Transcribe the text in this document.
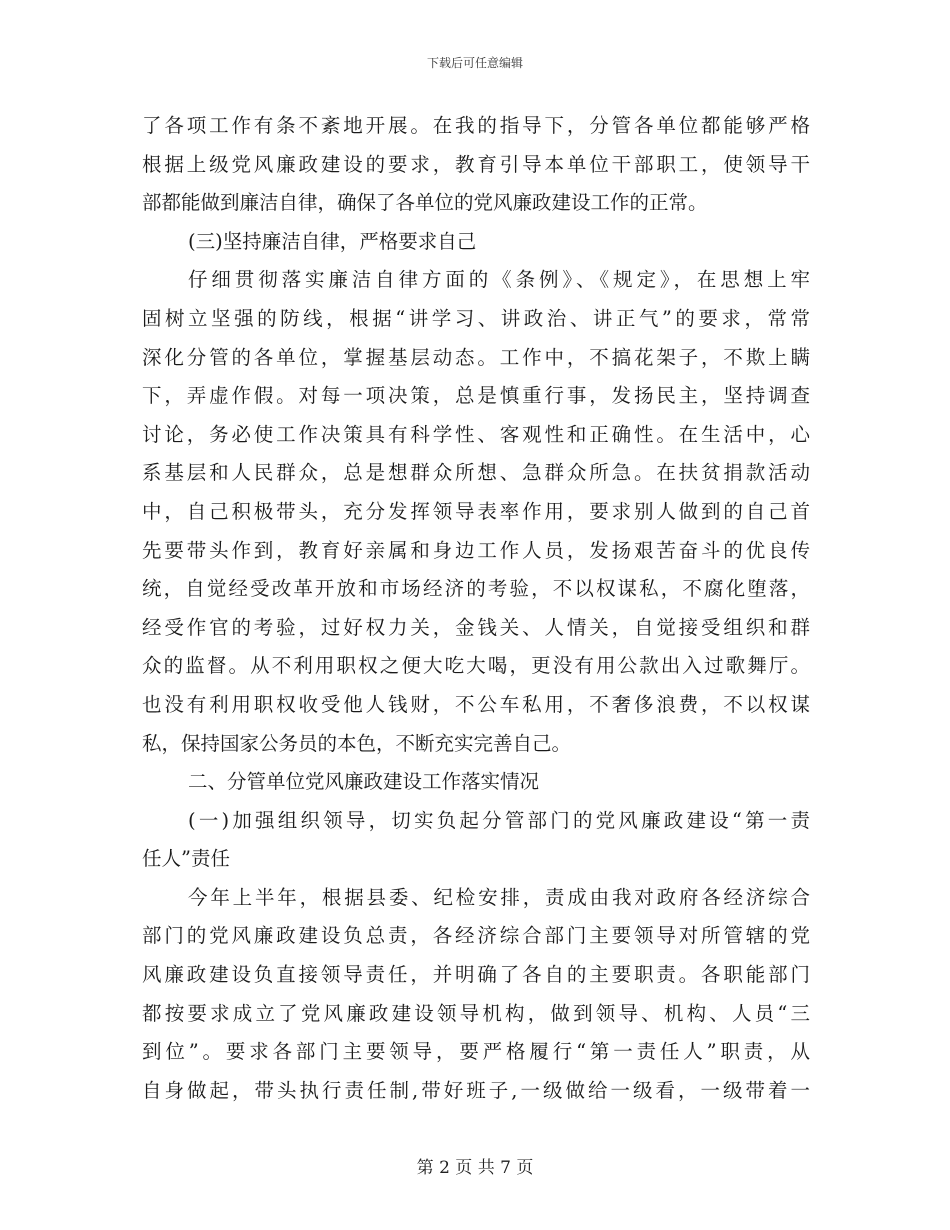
下载后可任意编辑
了各项工作有条不紊地开展。在我的指导下，分管各单位都能够严格
根据上级党风廉政建设的要求，教育引导本单位干部职工，使领导干
部都能做到廉洁自律，确保了各单位的党风廉政建设工作的正常。
(三)坚持廉洁自律，严格要求自己
仔细贯彻落实廉洁自律方面的《条例》、《规定》，在思想上牢
固树立坚强的防线，根据“讲学习、讲政治、讲正气”的要求，常常
深化分管的各单位，掌握基层动态。工作中，不搞花架子，不欺上瞒
下，弄虚作假。对每一项决策，总是慎重行事，发扬民主，坚持调查
讨论，务必使工作决策具有科学性、客观性和正确性。在生活中，心
系基层和人民群众，总是想群众所想、急群众所急。在扶贫捐款活动
中，自己积极带头，充分发挥领导表率作用，要求别人做到的自己首
先要带头作到，教育好亲属和身边工作人员，发扬艰苦奋斗的优良传
统，自觉经受改革开放和市场经济的考验，不以权谋私，不腐化堕落，
经受作官的考验，过好权力关，金钱关、人情关，自觉接受组织和群
众的监督。从不利用职权之便大吃大喝，更没有用公款出入过歌舞厅。
也没有利用职权收受他人钱财，不公车私用，不奢侈浪费，不以权谋
私，保持国家公务员的本色，不断充实完善自己。
二、分管单位党风廉政建设工作落实情况
(一)加强组织领导，切实负起分管部门的党风廉政建设“第一责
任人”责任
今年上半年，根据县委、纪检安排，责成由我对政府各经济综合
部门的党风廉政建设负总责，各经济综合部门主要领导对所管辖的党
风廉政建设负直接领导责任，并明确了各自的主要职责。各职能部门
都按要求成立了党风廉政建设领导机构，做到领导、机构、人员“三
到位”。要求各部门主要领导，要严格履行“第一责任人”职责，从
自身做起，带头执行责任制,带好班子,一级做给一级看，一级带着一
第 2 页 共 7 页
